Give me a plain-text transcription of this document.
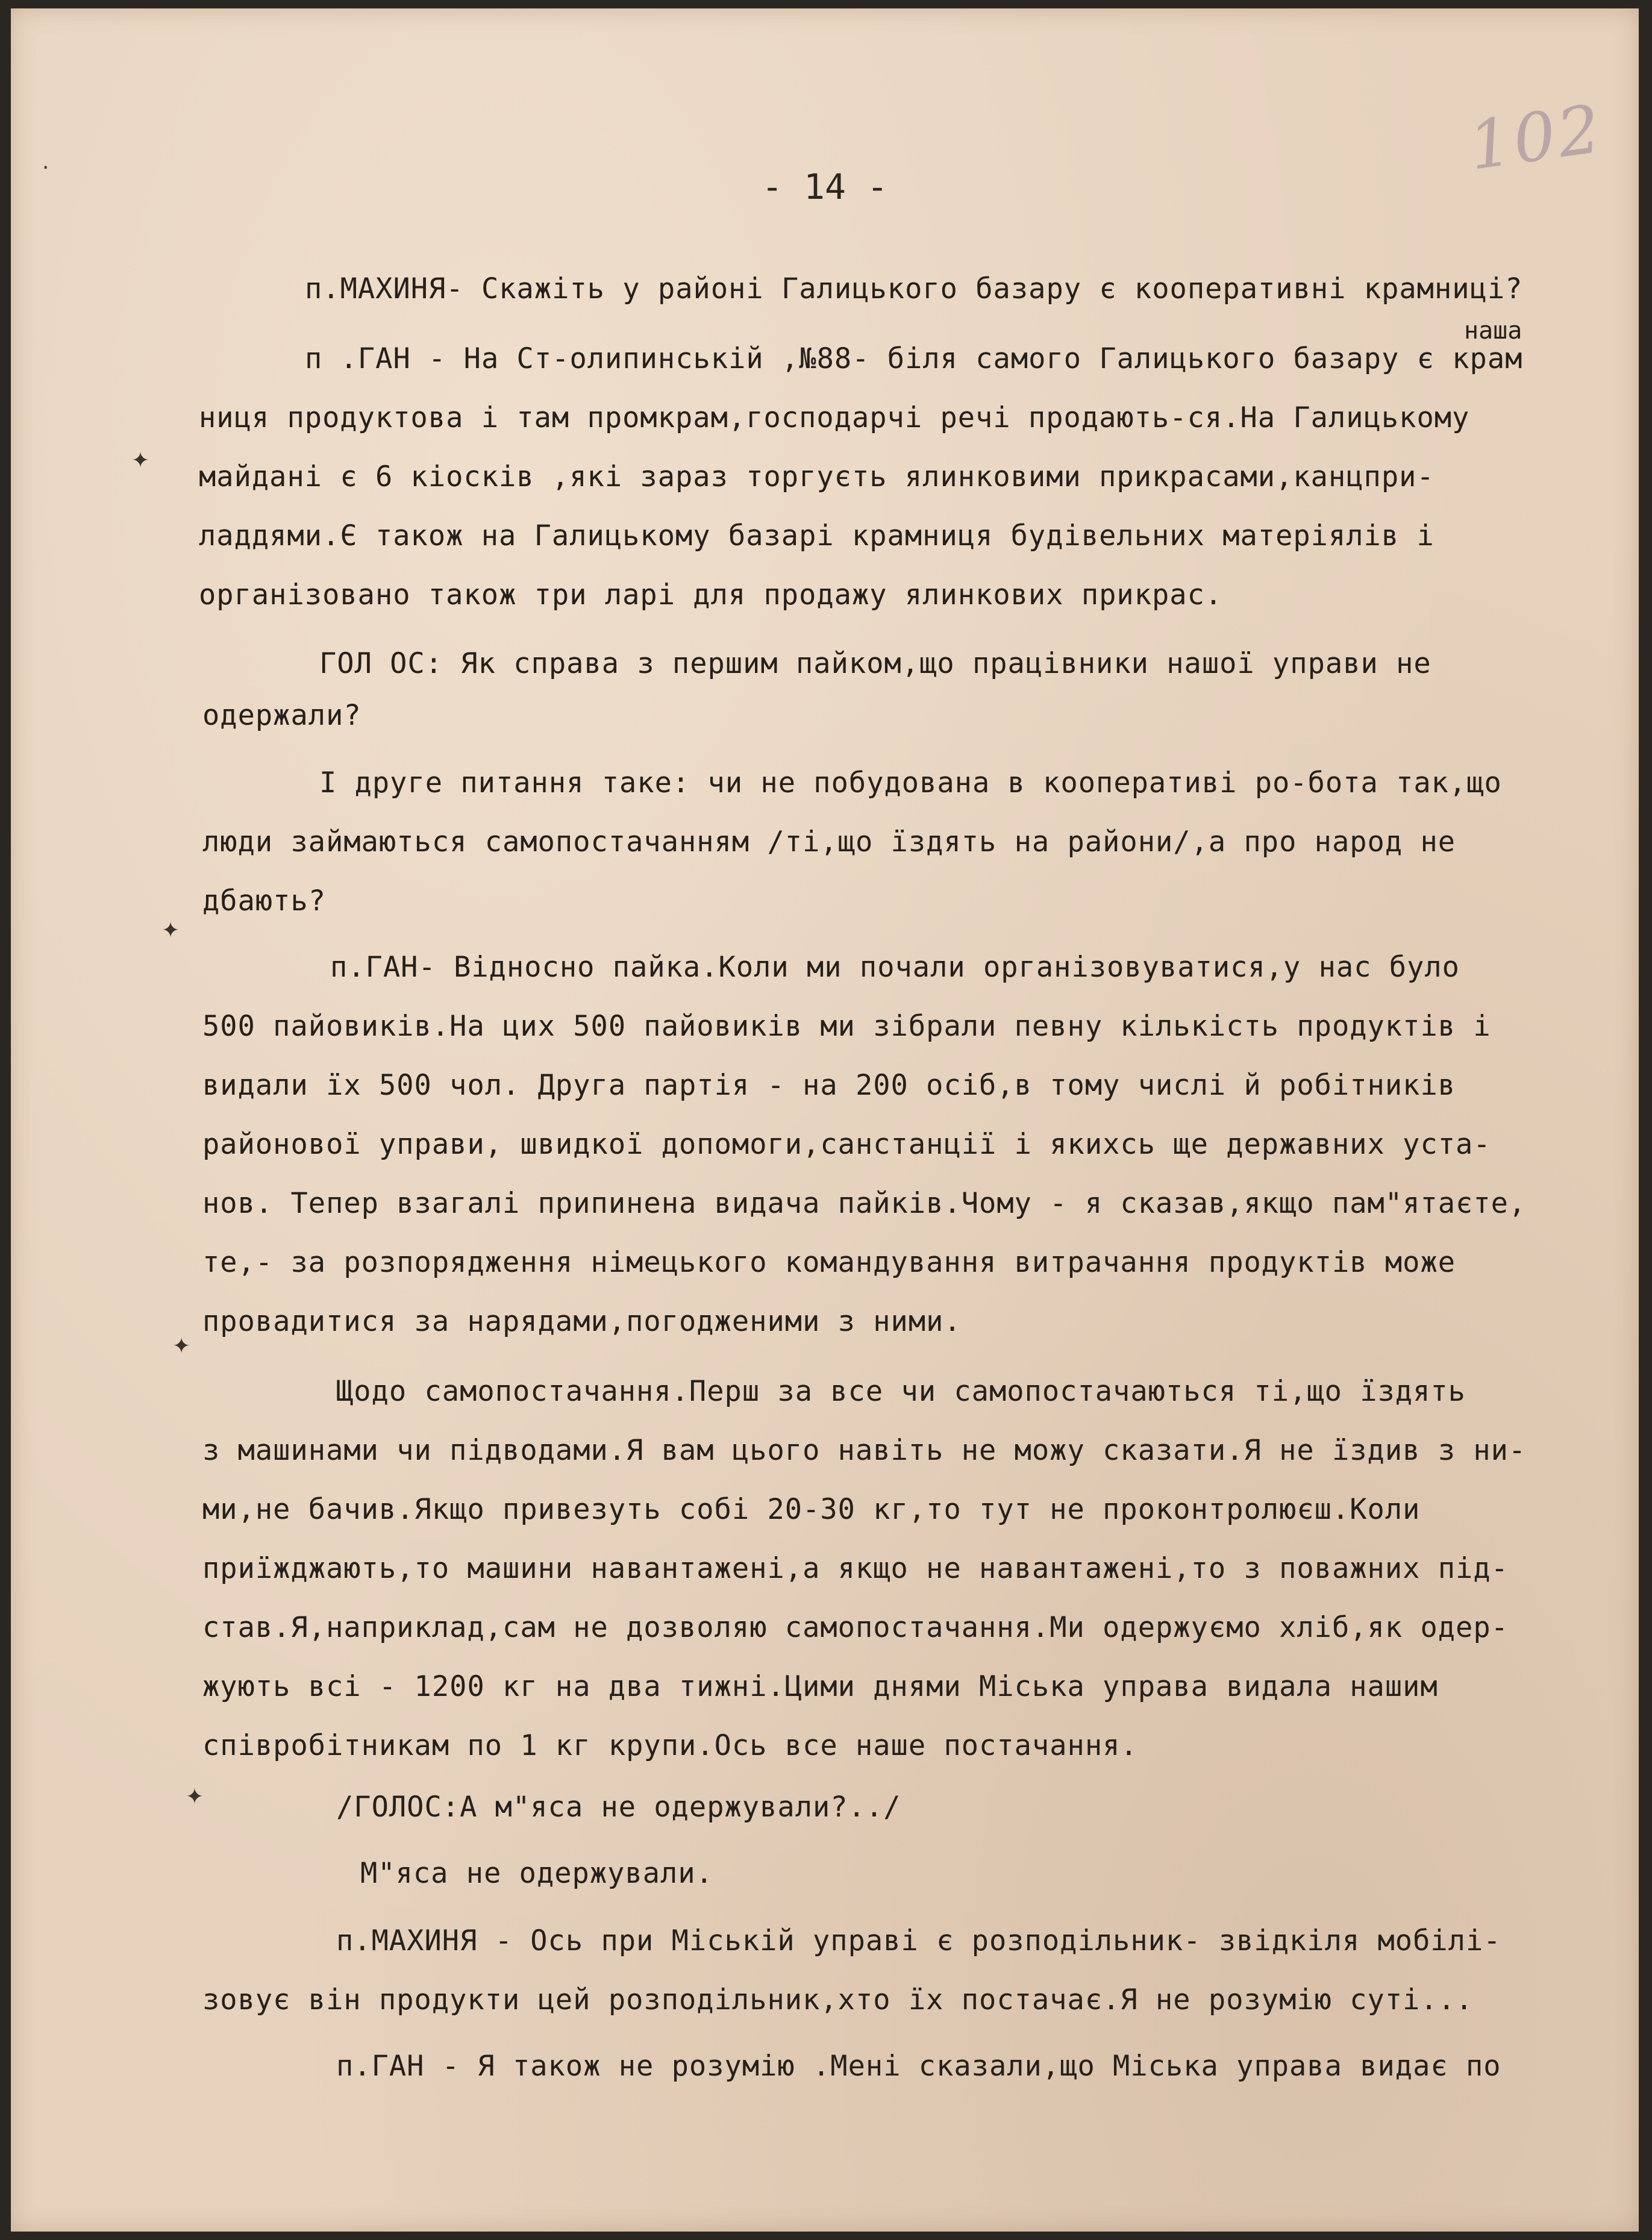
102
- 14 -
наша
п.МАХИНЯ- Скажіть у районі Галицького базару є кооперативні крамниці?
п .ГАН - На Ст-олипинській ,№88- біля самого Галицького базару є крам
ниця продуктова і там промкрам,господарчі речі продають-ся.На Галицькому
майдані є 6 кіосків ,які зараз торгуєть ялинковими прикрасами,канцпри-
ладдями.Є також на Галицькому базарі крамниця будівельних матеріялів і
організовано також три ларі для продажу ялинкових прикрас.
ГОЛ ОС: Як справа з першим пайком,що працівники нашої управи не
одержали?
І друге питання таке: чи не побудована в кооперативі ро-бота так,що
люди займаються самопостачанням /ті,що їздять на райони/,а про народ не
дбають?
п.ГАН- Відносно пайка.Коли ми почали організовуватися,у нас було
500 пайовиків.На цих 500 пайовиків ми зібрали певну кількість продуктів і
видали їх 500 чол. Друга партія - на 200 осіб,в тому числі й робітників
районової управи, швидкої допомоги,санстанції і якихсь ще державних уста-
нов. Тепер взагалі припинена видача пайків.Чому - я сказав,якщо пам"ятаєте,
те,- за розпорядження німецького командування витрачання продуктів може
провадитися за нарядами,погодженими з ними.
Щодо самопостачання.Перш за все чи самопостачаються ті,що їздять
з машинами чи підводами.Я вам цього навіть не можу сказати.Я не їздив з ни-
ми,не бачив.Якщо привезуть собі 20-30 кг,то тут не проконтролюєш.Коли
приїжджають,то машини навантажені,а якщо не навантажені,то з поважних під-
став.Я,наприклад,сам не дозволяю самопостачання.Ми одержуємо хліб,як одер-
жують всі - 1200 кг на два тижні.Цими днями Міська управа видала нашим
співробітникам по 1 кг крупи.Ось все наше постачання.
/ГОЛОС:А м"яса не одержували?../
М"яса не одержували.
п.МАХИНЯ - Ось при Міській управі є розподільник- звідкіля мобілі-
зовує він продукти цей розподільник,хто їх постачає.Я не розумію суті...
п.ГАН - Я також не розумію .Мені сказали,що Міська управа видає по
·
✦
✦
✦
✦
